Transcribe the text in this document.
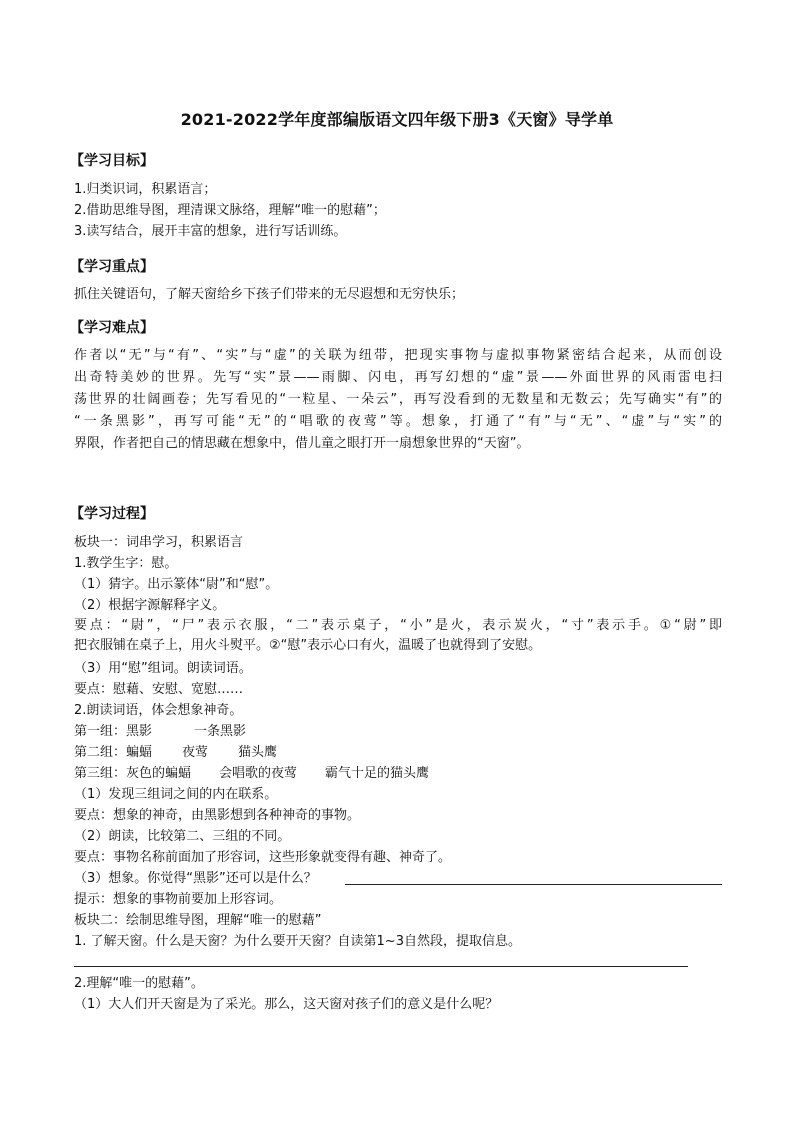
2021-2022学年度部编版语文四年级下册3《天窗》导学单
【学习目标】
1.归类识词，积累语言；
2.借助思维导图，理清课文脉络，理解“唯一的慰藉”；
3.读写结合，展开丰富的想象，进行写话训练。
【学习重点】
抓住关键语句，了解天窗给乡下孩子们带来的无尽遐想和无穷快乐；
【学习难点】
作者以“无”与“有”、“实”与“虚”的关联为纽带，把现实事物与虚拟事物紧密结合起来，从而创设
出奇特美妙的世界。先写“实”景——雨脚、闪电，再写幻想的“虚”景——外面世界的风雨雷电扫
荡世界的壮阔画卷；先写看见的“一粒星、一朵云”，再写没看到的无数星和无数云；先写确实“有”的
“一条黑影”，再写可能“无”的“唱歌的夜莺”等。想象，打通了“有”与“无”、“虚”与“实”的
界限，作者把自己的情思藏在想象中，借儿童之眼打开一扇想象世界的“天窗”。
【学习过程】
板块一：词串学习，积累语言
1.教学生字：慰。
（1）猜字。出示篆体“尉”和“慰”。
（2）根据字源解释字义。
要点：“尉”，“尸”表示衣服，“二”表示桌子，“小”是火，表示炭火，“寸”表示手。①“尉”即
把衣服铺在桌子上，用火斗熨平。②“慰”表示心口有火，温暖了也就得到了安慰。
（3）用“慰”组词。朗读词语。
要点：慰藉、安慰、宽慰……
2.朗读词语，体会想象神奇。
第一组：黑影	一条黑影
第二组：蝙蝠 夜莺 猫头鹰
第三组：灰色的蝙蝠 会唱歌的夜莺 霸气十足的猫头鹰
（1）发现三组词之间的内在联系。
要点：想象的神奇，由黑影想到各种神奇的事物。
（2）朗读，比较第二、三组的不同。
要点：事物名称前面加了形容词，这些形象就变得有趣、神奇了。
（3）想象。你觉得“黑影”还可以是什么？
提示：想象的事物前要加上形容词。
板块二：绘制思维导图，理解“唯一的慰藉”
1. 了解天窗。什么是天窗？为什么要开天窗？自读第1~3自然段，提取信息。
2.理解“唯一的慰藉”。
（1）大人们开天窗是为了采光。那么，这天窗对孩子们的意义是什么呢？
